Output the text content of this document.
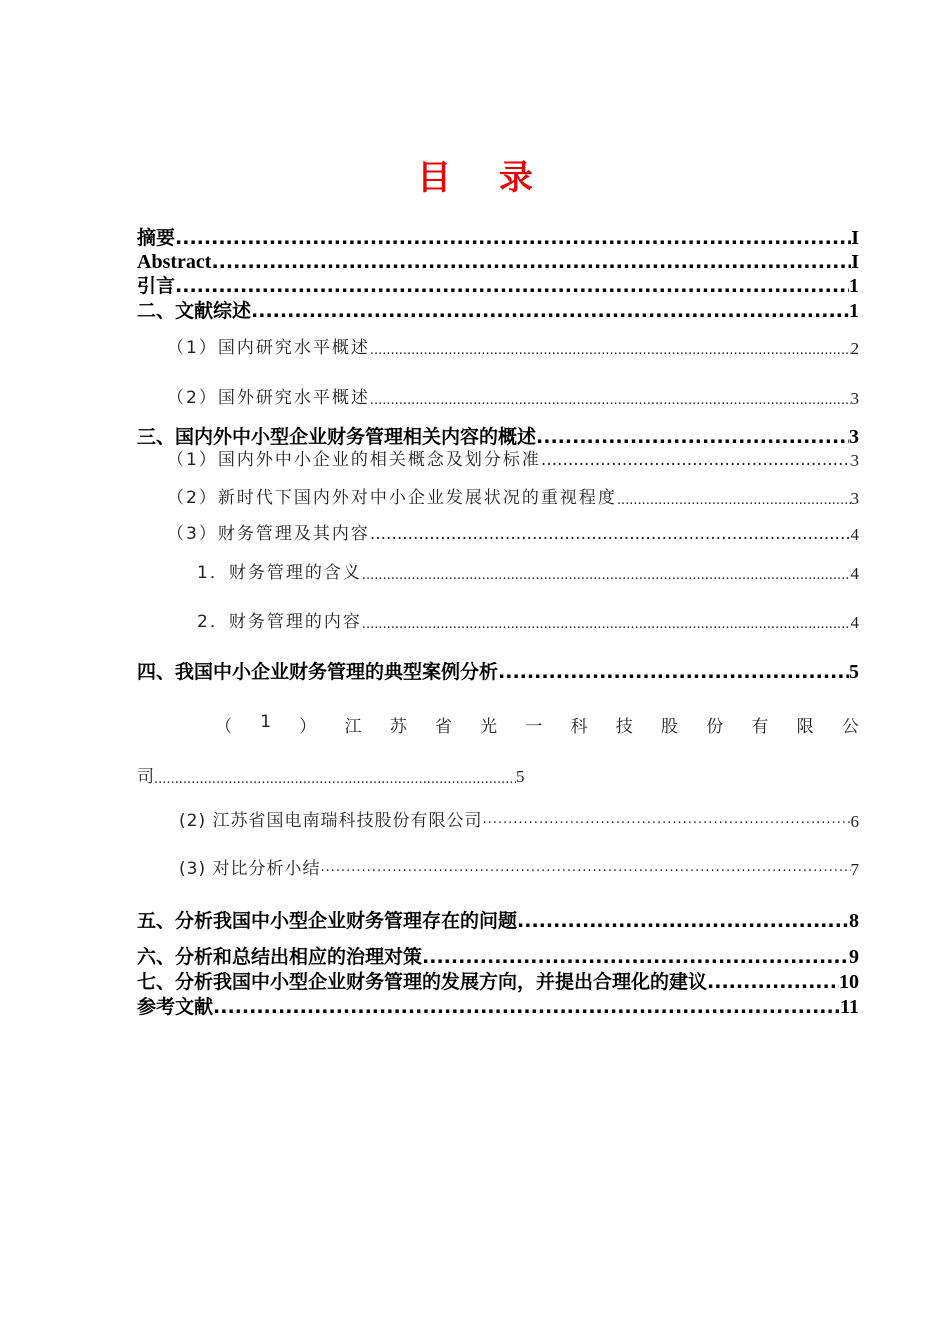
目 录
摘要 .....	I
Abstract .....	I
引言 .....	1
二、文献综述 .....	1
（1）国内研究水平概述 .....	2
（2）国外研究水平概述 .....	3
三、国内外中小型企业财务管理相关内容的概述 .....	3
（1）国内外中小企业的相关概念及划分标准 .....	3
（2）新时代下国内外对中小企业发展状况的重视程度 .....	3
（3）财务管理及其内容 .....	4
1．财务管理的含义 .....	4
2．财务管理的内容 .....	4
四、我国中小企业财务管理的典型案例分析 .....	5
（ 1 ） 江 苏 省 光 一 科 技 股 份 有 限 公
司 .....	5
(2) 江苏省国电南瑞科技股份有限公司 ·····	6
(3) 对比分析小结 ·····	7
五、分析我国中小型企业财务管理存在的问题 .....	8
六、分析和总结出相应的治理对策 .....	9
七、分析我国中小型企业财务管理的发展方向，并提出合理化的建议 .....	10
参考文献 .....	11
